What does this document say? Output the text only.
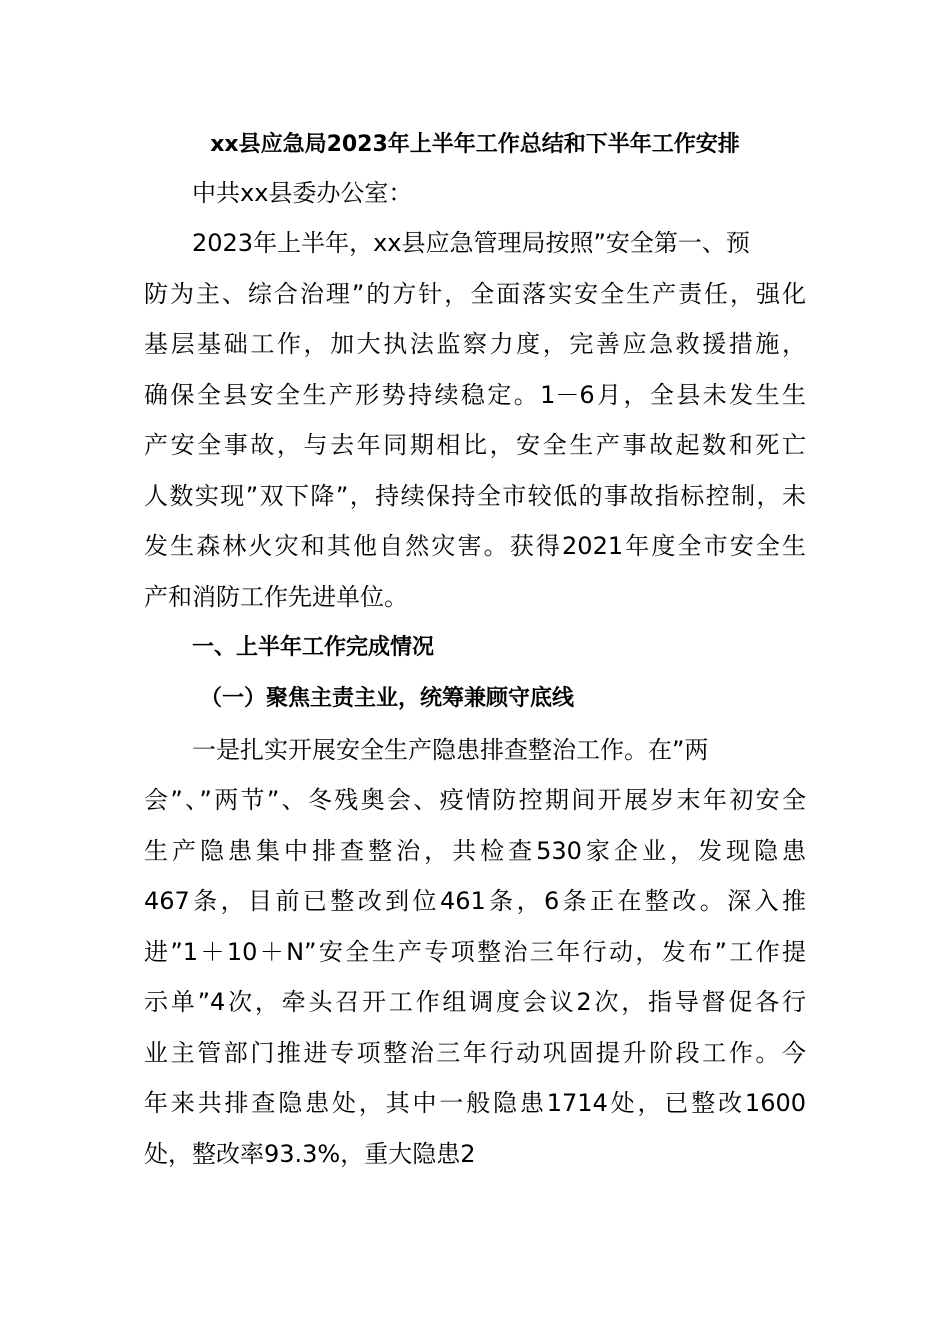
xx县应急局2023年上半年工作总结和下半年工作安排
中共xx县委办公室：
2023年上半年，xx县应急管理局按照”安全第一、预
防为主、综合治理”的方针，全面落实安全生产责任，强化
基层基础工作，加大执法监察力度，完善应急救援措施，
确保全县安全生产形势持续稳定。1－6月，全县未发生生
产安全事故，与去年同期相比，安全生产事故起数和死亡
人数实现”双下降”，持续保持全市较低的事故指标控制，未
发生森林火灾和其他自然灾害。获得2021年度全市安全生
产和消防工作先进单位。
一、上半年工作完成情况
（一）聚焦主责主业，统筹兼顾守底线
一是扎实开展安全生产隐患排查整治工作。在”两
会”、”两节”、冬残奥会、疫情防控期间开展岁末年初安全
生产隐患集中排查整治，共检查530家企业，发现隐患
467条，目前已整改到位461条，6条正在整改。深入推
进”1＋10＋N”安全生产专项整治三年行动，发布”工作提
示单”4次，牵头召开工作组调度会议2次，指导督促各行
业主管部门推进专项整治三年行动巩固提升阶段工作。今
年来共排查隐患处，其中一般隐患1714处，已整改1600
处，整改率93.3%，重大隐患2
